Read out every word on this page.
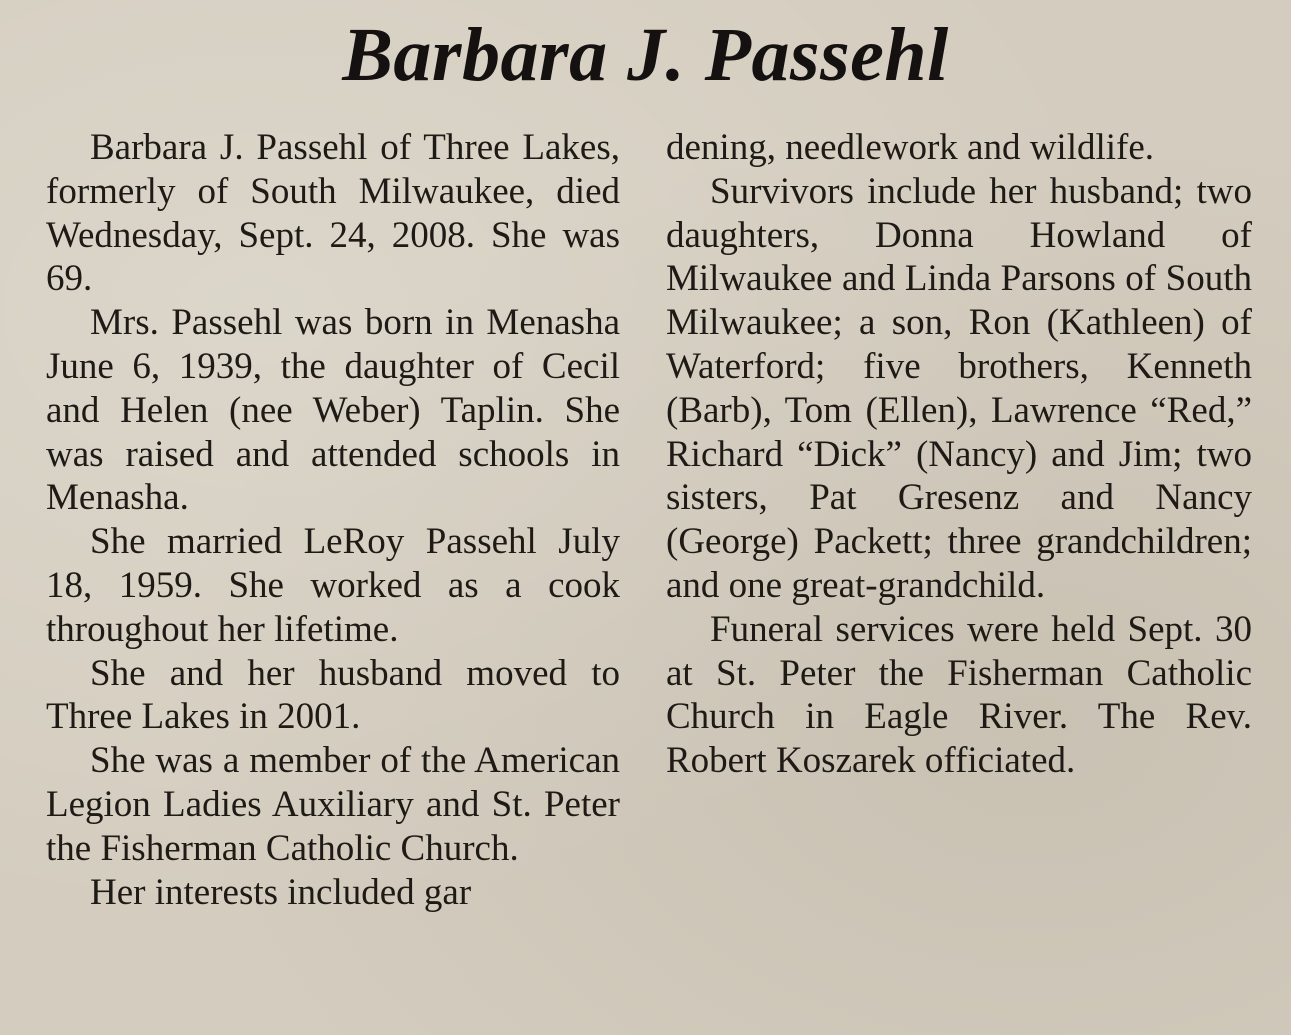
Barbara J. Passehl

Barbara J. Passehl of Three Lakes, formerly of South Milwaukee, died Wednesday, Sept. 24, 2008. She was 69.

Mrs. Passehl was born in Menasha June 6, 1939, the daughter of Cecil and Helen (nee Weber) Taplin. She was raised and attended schools in Menasha.

She married LeRoy Passehl July 18, 1959. She worked as a cook throughout her lifetime.

She and her husband moved to Three Lakes in 2001.

She was a member of the American Legion Ladies Auxiliary and St. Peter the Fisherman Catholic Church.

Her interests included gar

dening, needlework and wildlife.

Survivors include her husband; two daughters, Donna Howland of Milwaukee and Linda Parsons of South Milwaukee; a son, Ron (Kathleen) of Waterford; five brothers, Kenneth (Barb), Tom (Ellen), Lawrence “Red,” Richard “Dick” (Nancy) and Jim; two sisters, Pat Gresenz and Nancy (George) Packett; three grandchildren; and one great-grandchild.

Funeral services were held Sept. 30 at St. Peter the Fisherman Catholic Church in Eagle River. The Rev. Robert Koszarek officiated.
